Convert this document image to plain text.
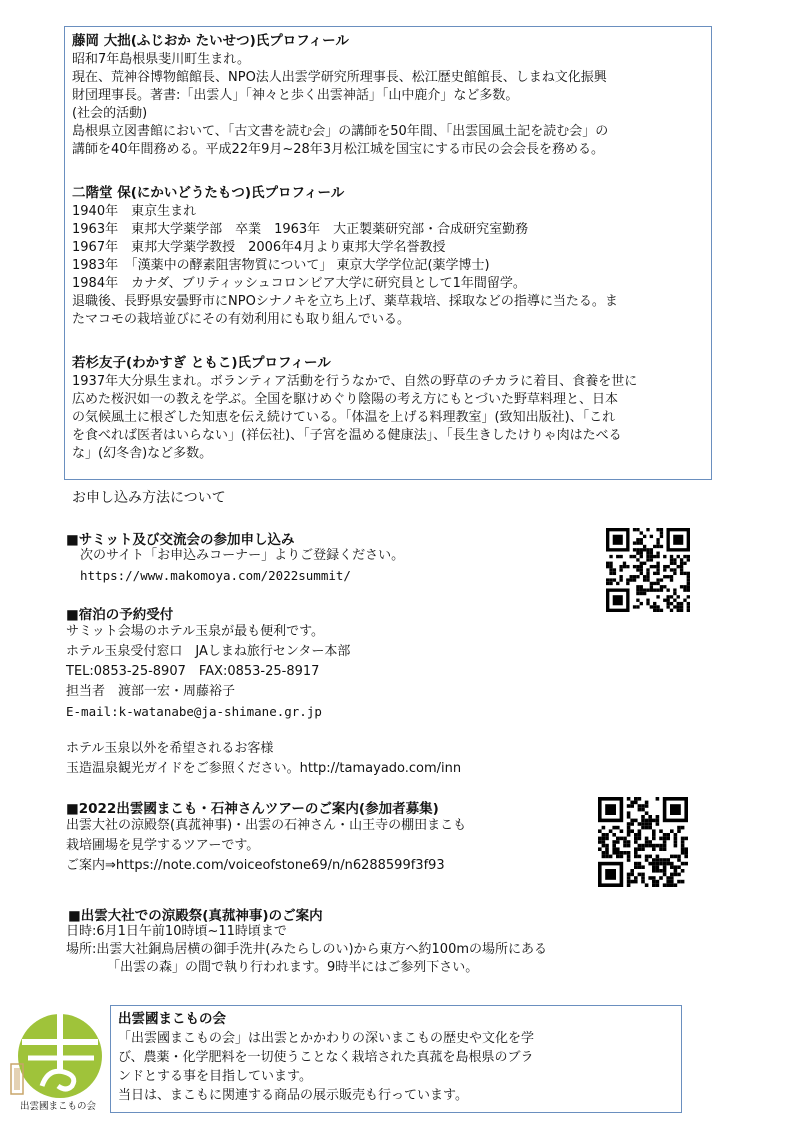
藤岡 大拙(ふじおか たいせつ)氏プロフィール
昭和7年島根県斐川町生まれ。
現在、荒神谷博物館館長、NPO法人出雲学研究所理事長、松江歴史館館長、しまね文化振興
財団理事長。著書:「出雲人」「神々と歩く出雲神話」「山中鹿介」など多数。
(社会的活動)
島根県立図書館において、「古文書を読む会」の講師を50年間、「出雲国風土記を読む会」の
講師を40年間務める。平成22年9月~28年3月松江城を国宝にする市民の会会長を務める。
二階堂 保(にかいどうたもつ)氏プロフィール
1940年　東京生まれ
1963年　東邦大学薬学部　卒業　1963年　大正製薬研究部・合成研究室勤務
1967年　東邦大学薬学教授　2006年4月より東邦大学名誉教授
1983年　「漢薬中の酵素阻害物質について」 東京大学学位記(薬学博士)
1984年　カナダ、ブリティッシュコロンビア大学に研究員として1年間留学。
退職後、長野県安曇野市にNPOシナノキを立ち上げ、薬草栽培、採取などの指導に当たる。ま
たマコモの栽培並びにその有効利用にも取り組んでいる。
若杉友子(わかすぎ ともこ)氏プロフィール
1937年大分県生まれ。ボランティア活動を行うなかで、自然の野草のチカラに着目、食養を世に
広めた桜沢如一の教えを学ぶ。全国を駆けめぐり陰陽の考え方にもとづいた野草料理と、日本
の気候風土に根ざした知恵を伝え続けている。「体温を上げる料理教室」(致知出版社)、「これ
を食べれば医者はいらない」(祥伝社)、「子宮を温める健康法」、「長生きしたけりゃ肉はたべる
な」(幻冬舎)など多数。
お申し込み方法について
■サミット及び交流会の参加申し込み
次のサイト「お申込みコーナー」よりご登録ください。
https://www.makomoya.com/2022summit/
■宿泊の予約受付
サミット会場のホテル玉泉が最も便利です。
ホテル玉泉受付窓口　JAしまね旅行センター本部
TEL:0853-25-8907　FAX:0853-25-8917
担当者　渡部一宏・周藤裕子
E-mail:k-watanabe@ja-shimane.gr.jp
ホテル玉泉以外を希望されるお客様
玉造温泉観光ガイドをご参照ください。http://tamayado.com/inn
■2022出雲國まこも・石神さんツアーのご案内(参加者募集)
出雲大社の涼殿祭(真菰神事)・出雲の石神さん・山王寺の棚田まこも
栽培圃場を見学するツアーです。
ご案内⇒https://note.com/voiceofstone69/n/n6288599f3f93
■出雲大社での涼殿祭(真菰神事)のご案内
日時:6月1日午前10時頃~11時頃まで
場所:出雲大社銅鳥居横の御手洗井(みたらしのい)から東方へ約100mの場所にある
「出雲の森」の間で執り行われます。9時半にはご参列下さい。
出雲國まこもの会
出雲國まこもの会
「出雲國まこもの会」は出雲とかかわりの深いまこもの歴史や文化を学
び、農薬・化学肥料を一切使うことなく栽培された真菰を島根県のブラ
ンドとする事を目指しています。
当日は、まこもに関連する商品の展示販売も行っています。
